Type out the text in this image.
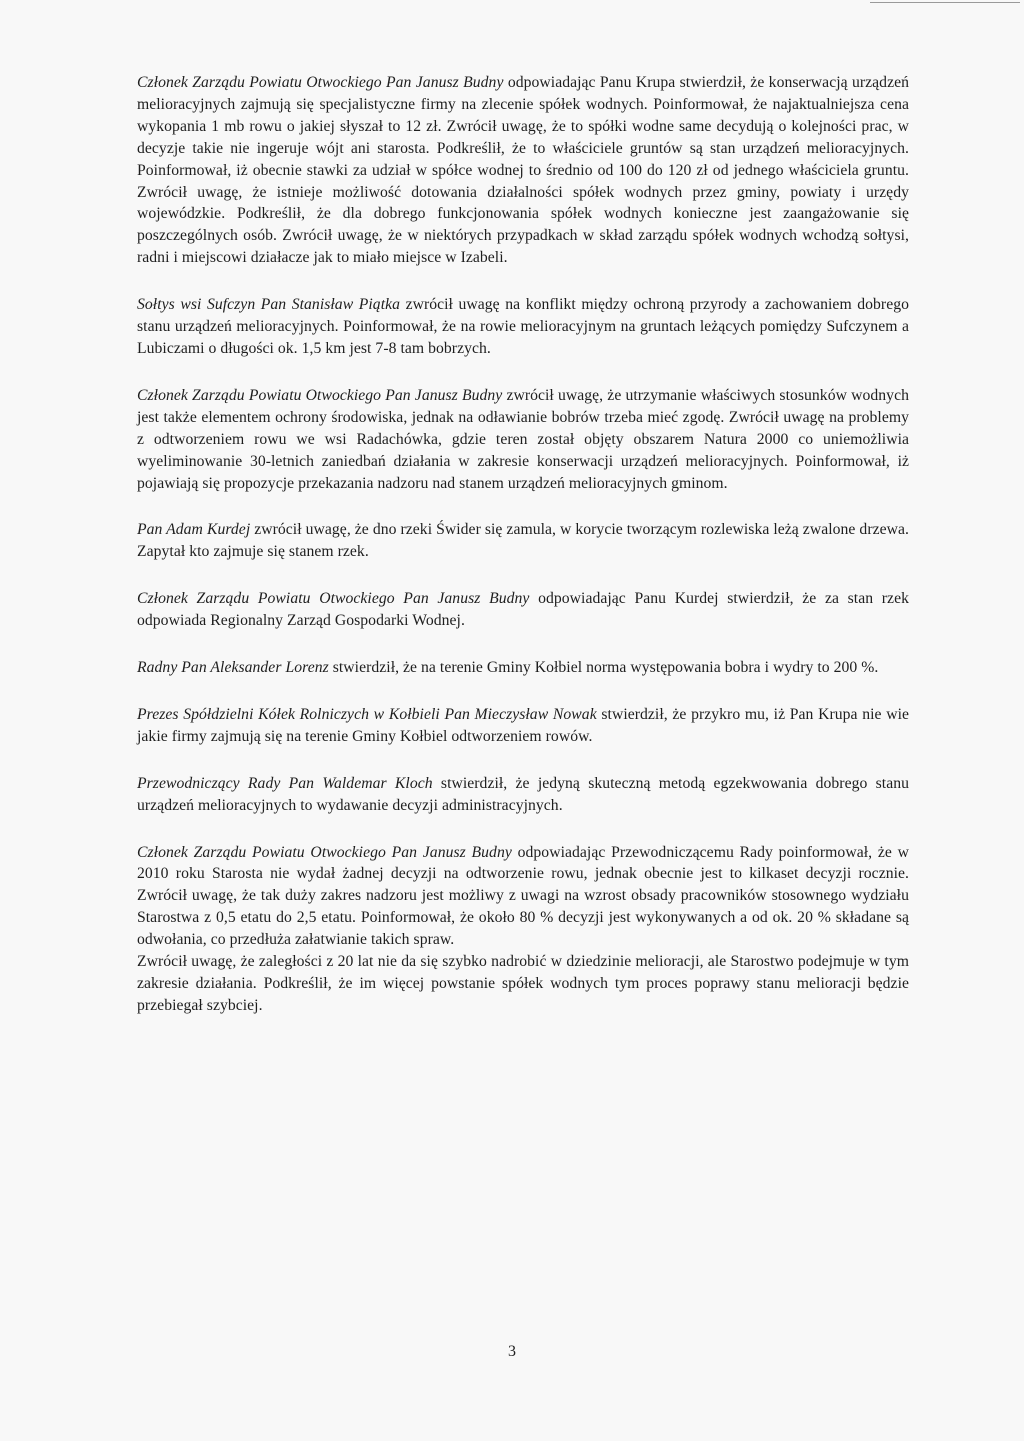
Członek Zarządu Powiatu Otwockiego Pan Janusz Budny odpowiadając Panu Krupa stwierdził, że konserwacją urządzeń melioracyjnych zajmują się specjalistyczne firmy na zlecenie spółek wodnych. Poinformował, że najaktualniejsza cena wykopania 1 mb rowu o jakiej słyszał to 12 zł. Zwrócił uwagę, że to spółki wodne same decydują o kolejności prac, w decyzje takie nie ingeruje wójt ani starosta. Podkreślił, że to właściciele gruntów są stan urządzeń melioracyjnych. Poinformował, iż obecnie stawki za udział w spółce wodnej to średnio od 100 do 120 zł od jednego właściciela gruntu. Zwrócił uwagę, że istnieje możliwość dotowania działalności spółek wodnych przez gminy, powiaty i urzędy wojewódzkie. Podkreślił, że dla dobrego funkcjonowania spółek wodnych konieczne jest zaangażowanie się poszczególnych osób. Zwrócił uwagę, że w niektórych przypadkach w skład zarządu spółek wodnych wchodzą sołtysi, radni i miejscowi działacze jak to miało miejsce w Izabeli.

Sołtys wsi Sufczyn Pan Stanisław Piątka zwrócił uwagę na konflikt między ochroną przyrody a zachowaniem dobrego stanu urządzeń melioracyjnych. Poinformował, że na rowie melioracyjnym na gruntach leżących pomiędzy Sufczynem a Lubiczami o długości ok. 1,5 km jest 7-8 tam bobrzych.

Członek Zarządu Powiatu Otwockiego Pan Janusz Budny zwrócił uwagę, że utrzymanie właściwych stosunków wodnych jest także elementem ochrony środowiska, jednak na odławianie bobrów trzeba mieć zgodę. Zwrócił uwagę na problemy z odtworzeniem rowu we wsi Radachówka, gdzie teren został objęty obszarem Natura 2000 co uniemożliwia wyeliminowanie 30-letnich zaniedbań działania w zakresie konserwacji urządzeń melioracyjnych. Poinformował, iż pojawiają się propozycje przekazania nadzoru nad stanem urządzeń melioracyjnych gminom.

Pan Adam Kurdej zwrócił uwagę, że dno rzeki Świder się zamula, w korycie tworzącym rozlewiska leżą zwalone drzewa. Zapytał kto zajmuje się stanem rzek.

Członek Zarządu Powiatu Otwockiego Pan Janusz Budny odpowiadając Panu Kurdej stwierdził, że za stan rzek odpowiada Regionalny Zarząd Gospodarki Wodnej.

Radny Pan Aleksander Lorenz stwierdził, że na terenie Gminy Kołbiel norma występowania bobra i wydry to 200 %.

Prezes Spółdzielni Kółek Rolniczych w Kołbieli Pan Mieczysław Nowak stwierdził, że przykro mu, iż Pan Krupa nie wie jakie firmy zajmują się na terenie Gminy Kołbiel odtworzeniem rowów.

Przewodniczący Rady Pan Waldemar Kloch stwierdził, że jedyną skuteczną metodą egzekwowania dobrego stanu urządzeń melioracyjnych to wydawanie decyzji administracyjnych.

Członek Zarządu Powiatu Otwockiego Pan Janusz Budny odpowiadając Przewodniczącemu Rady poinformował, że w 2010 roku Starosta nie wydał żadnej decyzji na odtworzenie rowu, jednak obecnie jest to kilkaset decyzji rocznie. Zwrócił uwagę, że tak duży zakres nadzoru jest możliwy z uwagi na wzrost obsady pracowników stosownego wydziału Starostwa z 0,5 etatu do 2,5 etatu. Poinformował, że około 80 % decyzji jest wykonywanych a od ok. 20 % składane są odwołania, co przedłuża załatwianie takich spraw.

Zwrócił uwagę, że zaległości z 20 lat nie da się szybko nadrobić w dziedzinie melioracji, ale Starostwo podejmuje w tym zakresie działania. Podkreślił, że im więcej powstanie spółek wodnych tym proces poprawy stanu melioracji będzie przebiegał szybciej.

3
